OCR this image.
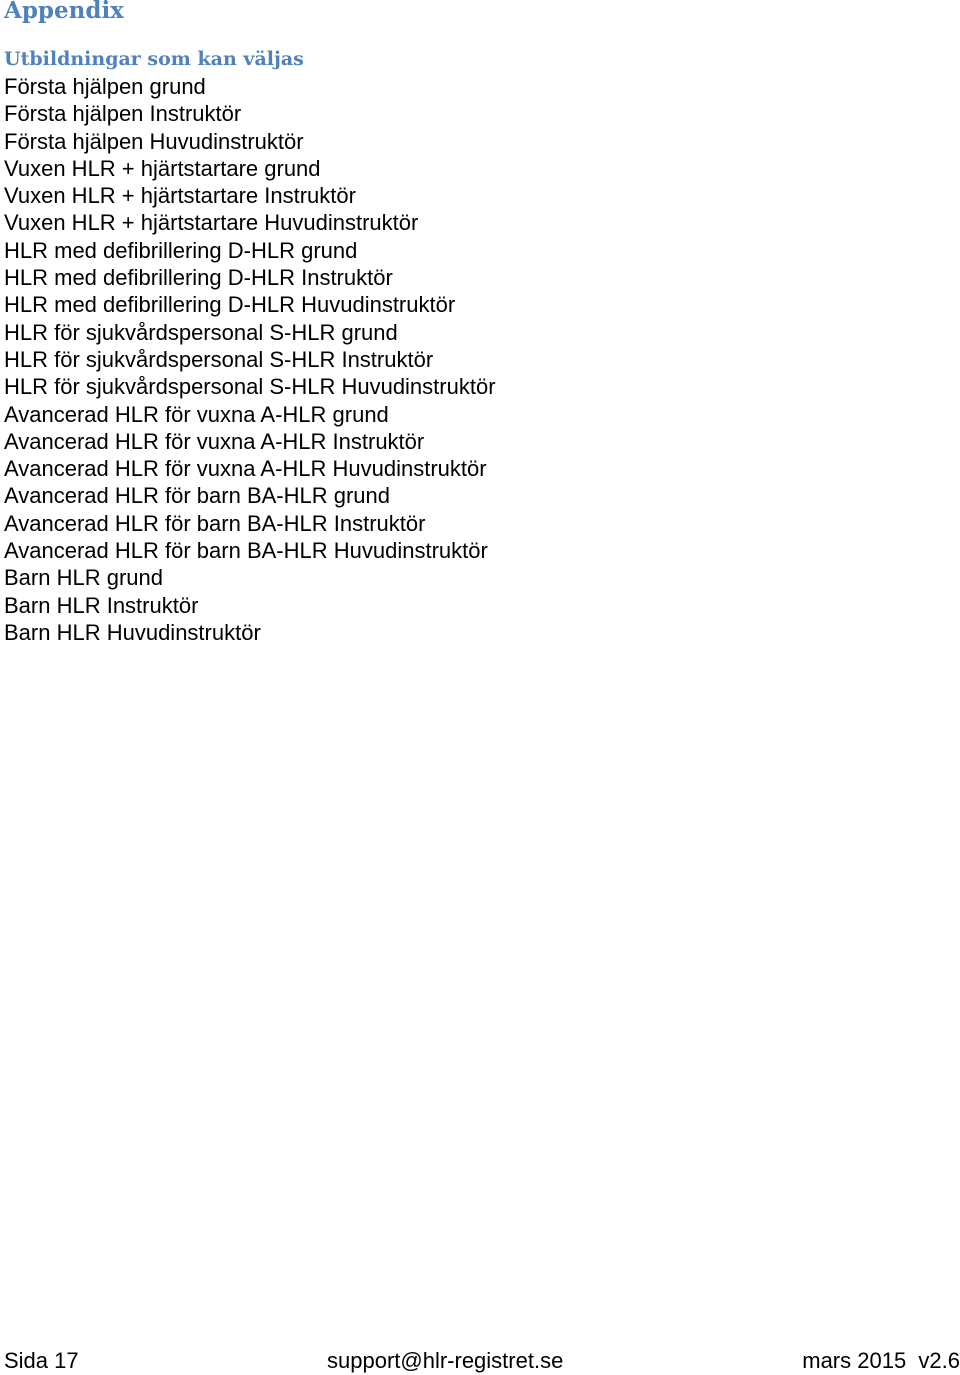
Appendix
Utbildningar som kan väljas
Första hjälpen grund
Första hjälpen Instruktör
Första hjälpen Huvudinstruktör
Vuxen HLR + hjärtstartare grund
Vuxen HLR + hjärtstartare Instruktör
Vuxen HLR + hjärtstartare Huvudinstruktör
HLR med defibrillering D-HLR grund
HLR med defibrillering D-HLR Instruktör
HLR med defibrillering D-HLR Huvudinstruktör
HLR för sjukvårdspersonal S-HLR grund
HLR för sjukvårdspersonal S-HLR Instruktör
HLR för sjukvårdspersonal S-HLR Huvudinstruktör
Avancerad HLR för vuxna A-HLR grund
Avancerad HLR för vuxna A-HLR Instruktör
Avancerad HLR för vuxna A-HLR Huvudinstruktör
Avancerad HLR för barn BA-HLR grund
Avancerad HLR för barn BA-HLR Instruktör
Avancerad HLR för barn BA-HLR Huvudinstruktör
Barn HLR grund
Barn HLR Instruktör
Barn HLR Huvudinstruktör
Sida 17	support@hlr-registret.se	mars 2015  v2.6
